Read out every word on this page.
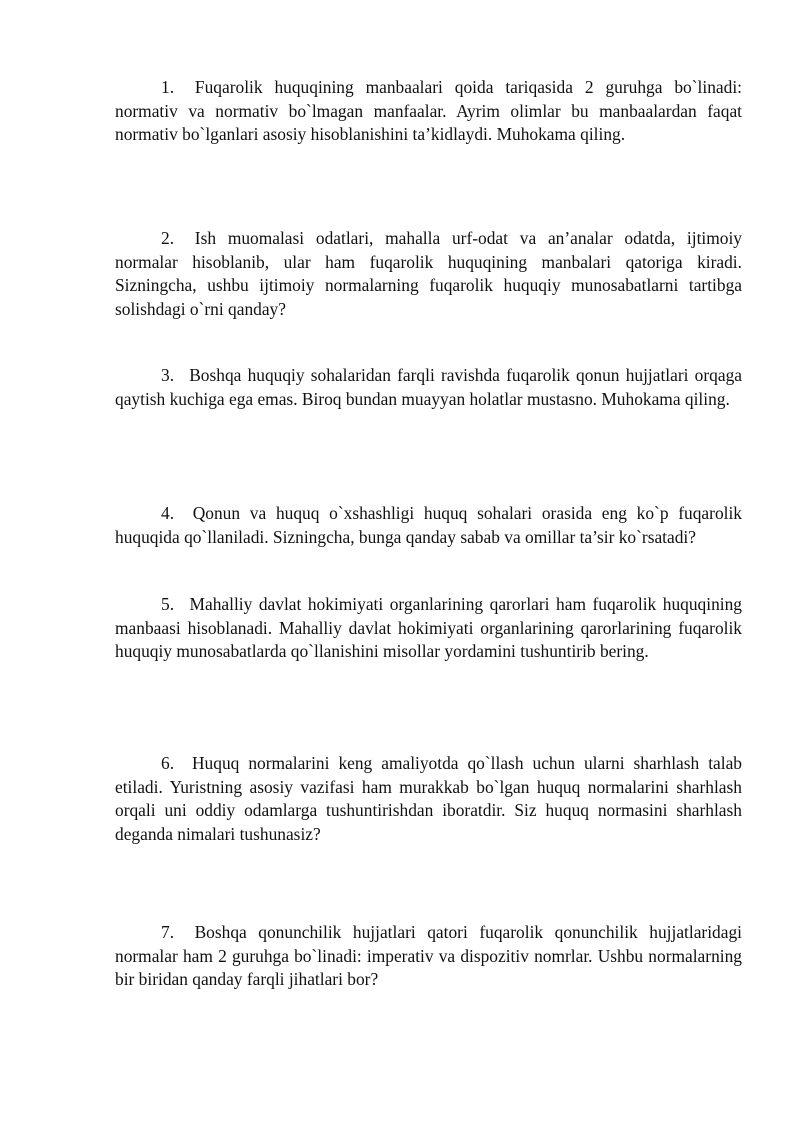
1. Fuqarolik huquqining manbaalari qoida tariqasida 2 guruhga bo`linadi: normativ va normativ bo`lmagan manfaalar. Ayrim olimlar bu manbaalardan faqat normativ bo`lganlari asosiy hisoblanishini ta’kidlaydi. Muhokama qiling.

2. Ish muomalasi odatlari, mahalla urf-odat va an’analar odatda, ijtimoiy normalar hisoblanib, ular ham fuqarolik huquqining manbalari qatoriga kiradi. Sizningcha, ushbu ijtimoiy normalarning fuqarolik huquqiy munosabatlarni tartibga solishdagi o`rni qanday?

3. Boshqa huquqiy sohalaridan farqli ravishda fuqarolik qonun hujjatlari orqaga qaytish kuchiga ega emas. Biroq bundan muayyan holatlar mustasno. Muhokama qiling.

4. Qonun va huquq o`xshashligi huquq sohalari orasida eng ko`p fuqarolik huquqida qo`llaniladi. Sizningcha, bunga qanday sabab va omillar ta’sir ko`rsatadi?

5. Mahalliy davlat hokimiyati organlarining qarorlari ham fuqarolik huquqining manbaasi hisoblanadi. Mahalliy davlat hokimiyati organlarining qarorlarining fuqarolik huquqiy munosabatlarda qo`llanishini misollar yordamini tushuntirib bering.

6. Huquq normalarini keng amaliyotda qo`llash uchun ularni sharhlash talab etiladi. Yuristning asosiy vazifasi ham murakkab bo`lgan huquq normalarini sharhlash orqali uni oddiy odamlarga tushuntirishdan iboratdir. Siz huquq normasini sharhlash deganda nimalari tushunasiz?

7. Boshqa qonunchilik hujjatlari qatori fuqarolik qonunchilik hujjatlaridagi normalar ham 2 guruhga bo`linadi: imperativ va dispozitiv nomrlar. Ushbu normalarning bir biridan qanday farqli jihatlari bor?
